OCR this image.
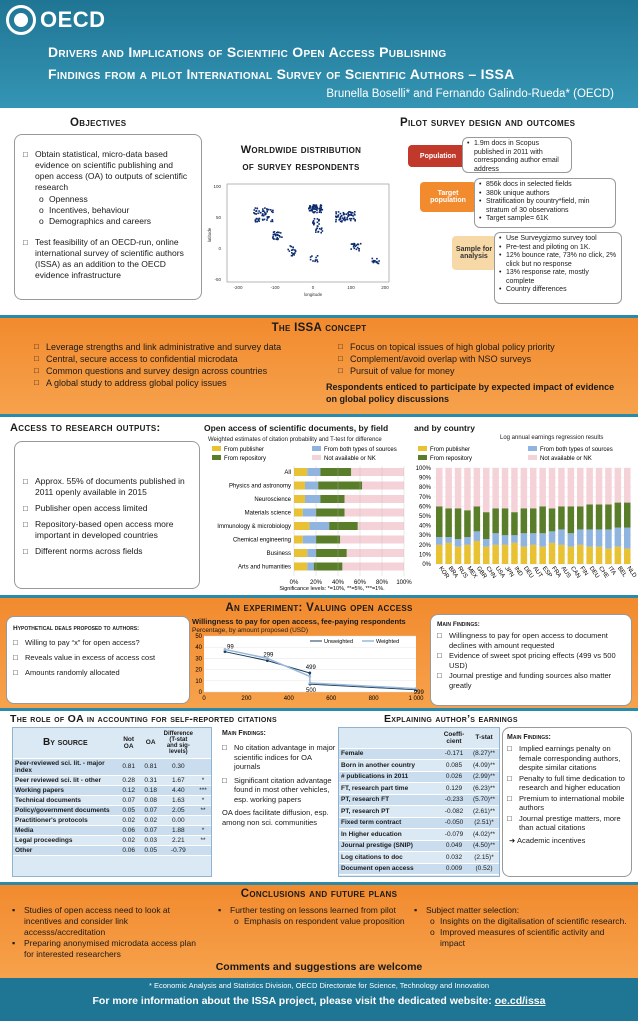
OECD
Drivers and Implications of Scientific Open Access Publishing
Findings from a pilot International Survey of Scientific Authors – ISSA
Brunella Boselli* and Fernando Galindo-Rueda* (OECD)
Objectives
□ Obtain statistical, micro-data based evidence on scientific publishing and open access (OA) to outputs of scientific research
o Openness
o Incentives, behaviour
o Demographics and careers
□ Test feasibility of an OECD-run, online international survey of scientific authors (ISSA) as an addition to the OECD evidence infrastructure
Worldwide distribution
of survey respondents
100
50
0
-50
-200	-100	0	100	200
longitude
latitude
Pilot survey design and outcomes
Population
• 1.9m docs in Scopus published in 2011 with corresponding author email address
Target population
• 856k docs in selected fields
• 380k unique authors
• Stratification by country*field, min stratum of 30 observations
• Target sample= 61K
Sample for analysis
• Use Surveygizmo survey tool
• Pre-test and piloting on 1K.
• 12% bounce rate, 73% no click, 2% click but no response
• 13% response rate, mostly complete
• Country differences
The ISSA concept
□ Leverage strengths and link administrative and survey data
□ Central, secure access to confidential microdata
□ Common questions and survey design across countries
□ A global study to address global policy issues
□ Focus on topical issues of high global policy priority
□ Complement/avoid overlap with NSO surveys
□ Pursuit of value for money
Respondents enticed to participate by expected impact of evidence on global policy discussions
Access to research outputs:
□ Approx. 55% of documents published in 2011 openly available in 2015
□ Publisher open access limited
□ Repository-based open access more important in developed countries
□ Different norms across fields
Open access of scientific documents, by field	and by country
Weighted estimates of citation probability and T-test for difference	Log annual earnings regression results
From publisher	From both types of sources
From repository	Not available or NK
All
Physics and astronomy
Neuroscience
Materials science
Immunology & microbiology
Chemical engineering
Business
Arts and humanities
0% 20% 40% 60% 80% 100%
Significance levels: *=10%, **=5%, ***=1%.
From publisher	From both types of sources
From repository	Not available or NK
0%
10%
20%
30%
40%
50%
60%
70%
80%
90%
100%
KOR
BRA
RUS
MEX
GBR
CHN
USA
JPN
IND
DEU
AUT
ESP
FRA
AUS
CAN
FIN
DEU
CHE
ITA BEL
NLD
An experiment: Valuing open access
Hypothetical deals proposed to authors:
□ Willing to pay “x” for open access?
□ Reveals value in excess of access cost
□ Amounts randomly allocated
Willingness to pay for open access, fee-paying respondents
Percentage, by amount proposed (USD)
99
299
499
500	999
0
10
20
30
40
50
0	200	400	600	800	1 000
Unweighted	Weighted
Main Findings:
□ Willingness to pay for open access to document declines with amount requested
□ Evidence of sweet spot pricing effects (499 vs 500 USD)
□ Journal prestige and funding sources also matter greatly
The role of OA in accounting for self-reported citations
By source	Not OA	OA	Difference (T-stat and sig-levels)	
Peer-reviewed sci. lit. - major index	0.81	0.81	0.30	
Peer reviewed sci. lit - other	0.28	0.31	1.67	*
Working papers	0.12	0.18	4.40	***
Technical documents	0.07	0.08	1.63	*
Policy/government documents	0.05	0.07	2.05	**
Practitioner's protocols	0.02	0.02	0.00	
Media	0.06	0.07	1.88	*
Legal proceedings	0.02	0.03	2.21	**
Other	0.06	0.05	-0.79	
Main Findings:
□ No citation advantage in major scientific indices for OA journals
□ Significant citation advantage found in most other vehicles, esp. working papers
OA does facilitate diffusion, esp. among non sci. communities
Explaining author’s earnings
	Coeffi-cient	T-stat
Female	-0.171	(8.27)**
Born in another country	0.085	(4.09)**
# publications in 2011	0.026	(2.99)**
FT, research part time	0.129	(6.23)**
PT, research FT	-0.233	(5.70)**
PT, research PT	-0.082	(2.61)**
Fixed term contract	-0.050	(2.51)*
In Higher education	-0.079	(4.02)**
Journal prestige (SNIP)	0.049	(4.50)**
Log citations to doc	0.032	(2.15)*
Document open access	0.009	(0.52)
Main Findings:
□ Implied earnings penalty on female corresponding authors, despite similar citations
□ Penalty to full time dedication to research and higher education
□ Premium to international mobile authors
□ Journal prestige matters, more than actual citations
➜ Academic incentives
Conclusions and future plans
▪ Studies of open access need to look at incentives and consider link accesss/accreditation
▪ Preparing anonymised microdata access plan for interested researchers
▪ Further testing on lessons learned from pilot
o Emphasis on respondent value proposition
▪ Subject matter selection:
o Insights on the digitalisation of scientific research.
o Improved measures of scientific activity and impact
Comments and suggestions are welcome
* Economic Analysis and Statistics Division, OECD Directorate for Science, Technology and Innovation
For more information about the ISSA project, please visit the dedicated website: oe.cd/issa
